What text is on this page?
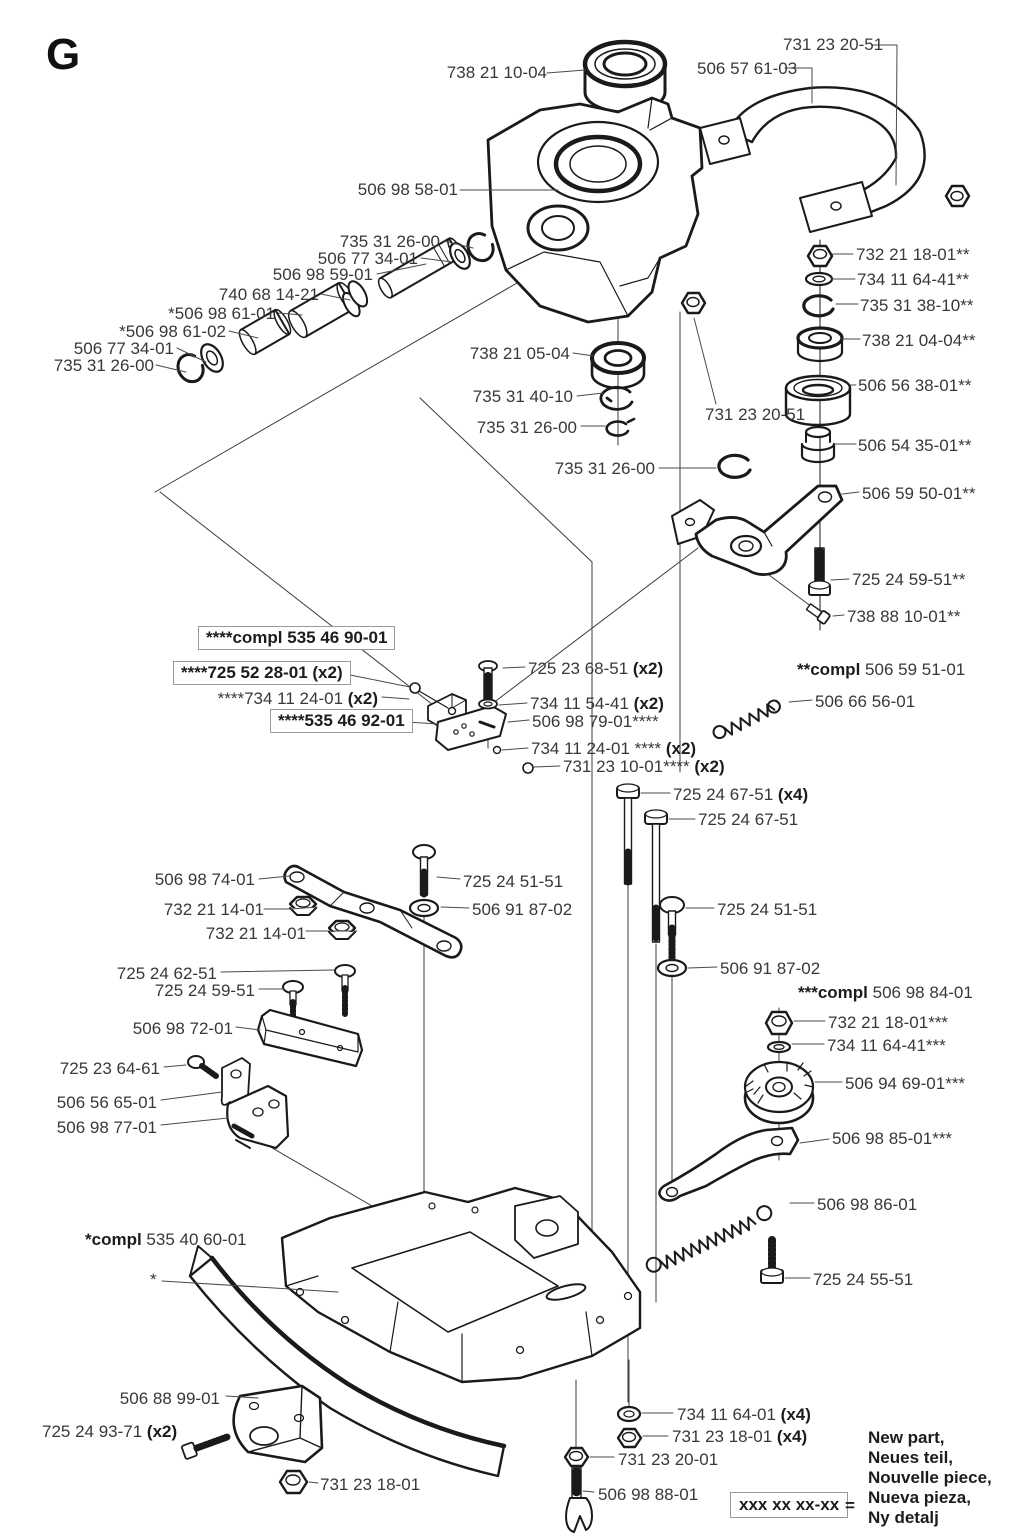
G	738 21 10-04
731 23 20-51
506 57 61-03
506 98 58-01
735 31 26-00
506 77 34-01
506 98 59-01
740 68 14-21
*506 98 61-01
*506 98 61-02
506 77 34-01
735 31 26-00
732 21 18-01**
734 11 64-41**
735 31 38-10**
738 21 04-04**
506 56 38-01**
731 23 20-51
506 54 35-01**
738 21 05-04
735 31 40-10
735 31 26-00
735 31 26-00
506 59 50-01**
725 24 59-51**
738 88 10-01**
****compl 535 46 90-01
****725 52 28-01 (x2)
****734 11 24-01 (x2)
****535 46 92-01
725 23 68-51 (x2)
734 11 54-41 (x2)
506 98 79-01****
734 11 24-01 **** (x2)
731 23 10-01**** (x2)
**compl 506 59 51-01
506 66 56-01
725 24 67-51 (x4)
725 24 67-51
506 98 74-01	725 24 51-51
732 21 14-01	506 91 87-02
732 21 14-01
725 24 51-51
506 91 87-02
725 24 62-51
725 24 59-51	***compl 506 98 84-01
506 98 72-01	732 21 18-01***
734 11 64-41***
725 23 64-61
506 94 69-01***
506 56 65-01
506 98 77-01
506 98 85-01***
506 98 86-01
*compl 535 40 60-01
*	725 24 55-51
506 88 99-01
725 24 93-71 (x2)
731 23 18-01
734 11 64-01 (x4)
731 23 18-01 (x4)
731 23 20-01
506 98 88-01
xxx xx xx-xx =
New part,
Neues teil,
Nouvelle piece,
Nueva pieza,
Ny detalj
